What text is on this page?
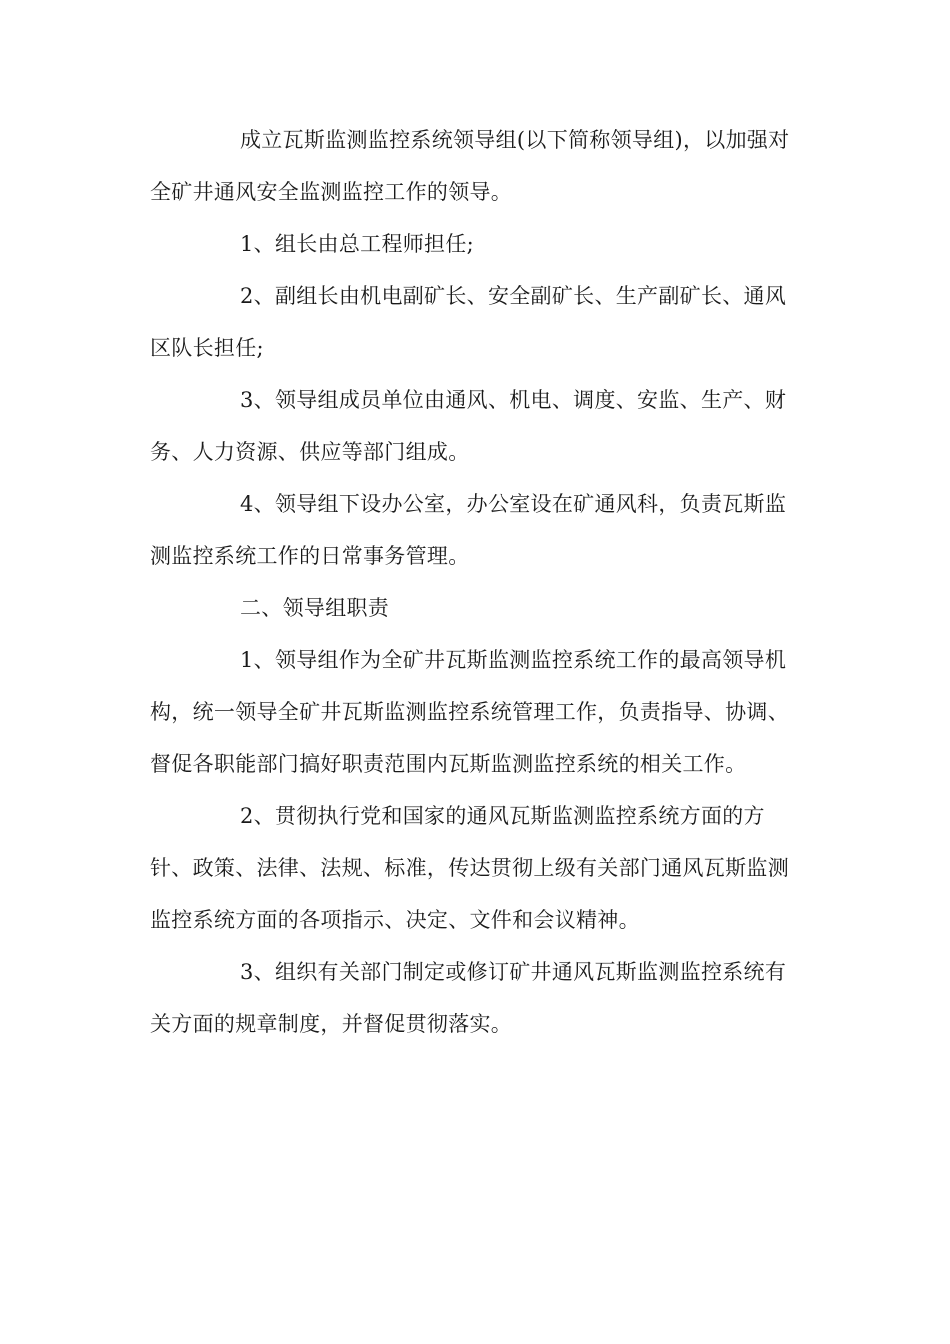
成立瓦斯监测监控系统领导组(以下简称领导组)，以加强对全矿井通风安全监测监控工作的领导。

1、组长由总工程师担任;

2、副组长由机电副矿长、安全副矿长、生产副矿长、通风区队长担任;

3、领导组成员单位由通风、机电、调度、安监、生产、财务、人力资源、供应等部门组成。

4、领导组下设办公室，办公室设在矿通风科，负责瓦斯监测监控系统工作的日常事务管理。

二、领导组职责

1、领导组作为全矿井瓦斯监测监控系统工作的最高领导机构，统一领导全矿井瓦斯监测监控系统管理工作，负责指导、协调、督促各职能部门搞好职责范围内瓦斯监测监控系统的相关工作。

2、贯彻执行党和国家的通风瓦斯监测监控系统方面的方针、政策、法律、法规、标准，传达贯彻上级有关部门通风瓦斯监测监控系统方面的各项指示、决定、文件和会议精神。

3、组织有关部门制定或修订矿井通风瓦斯监测监控系统有关方面的规章制度，并督促贯彻落实。
